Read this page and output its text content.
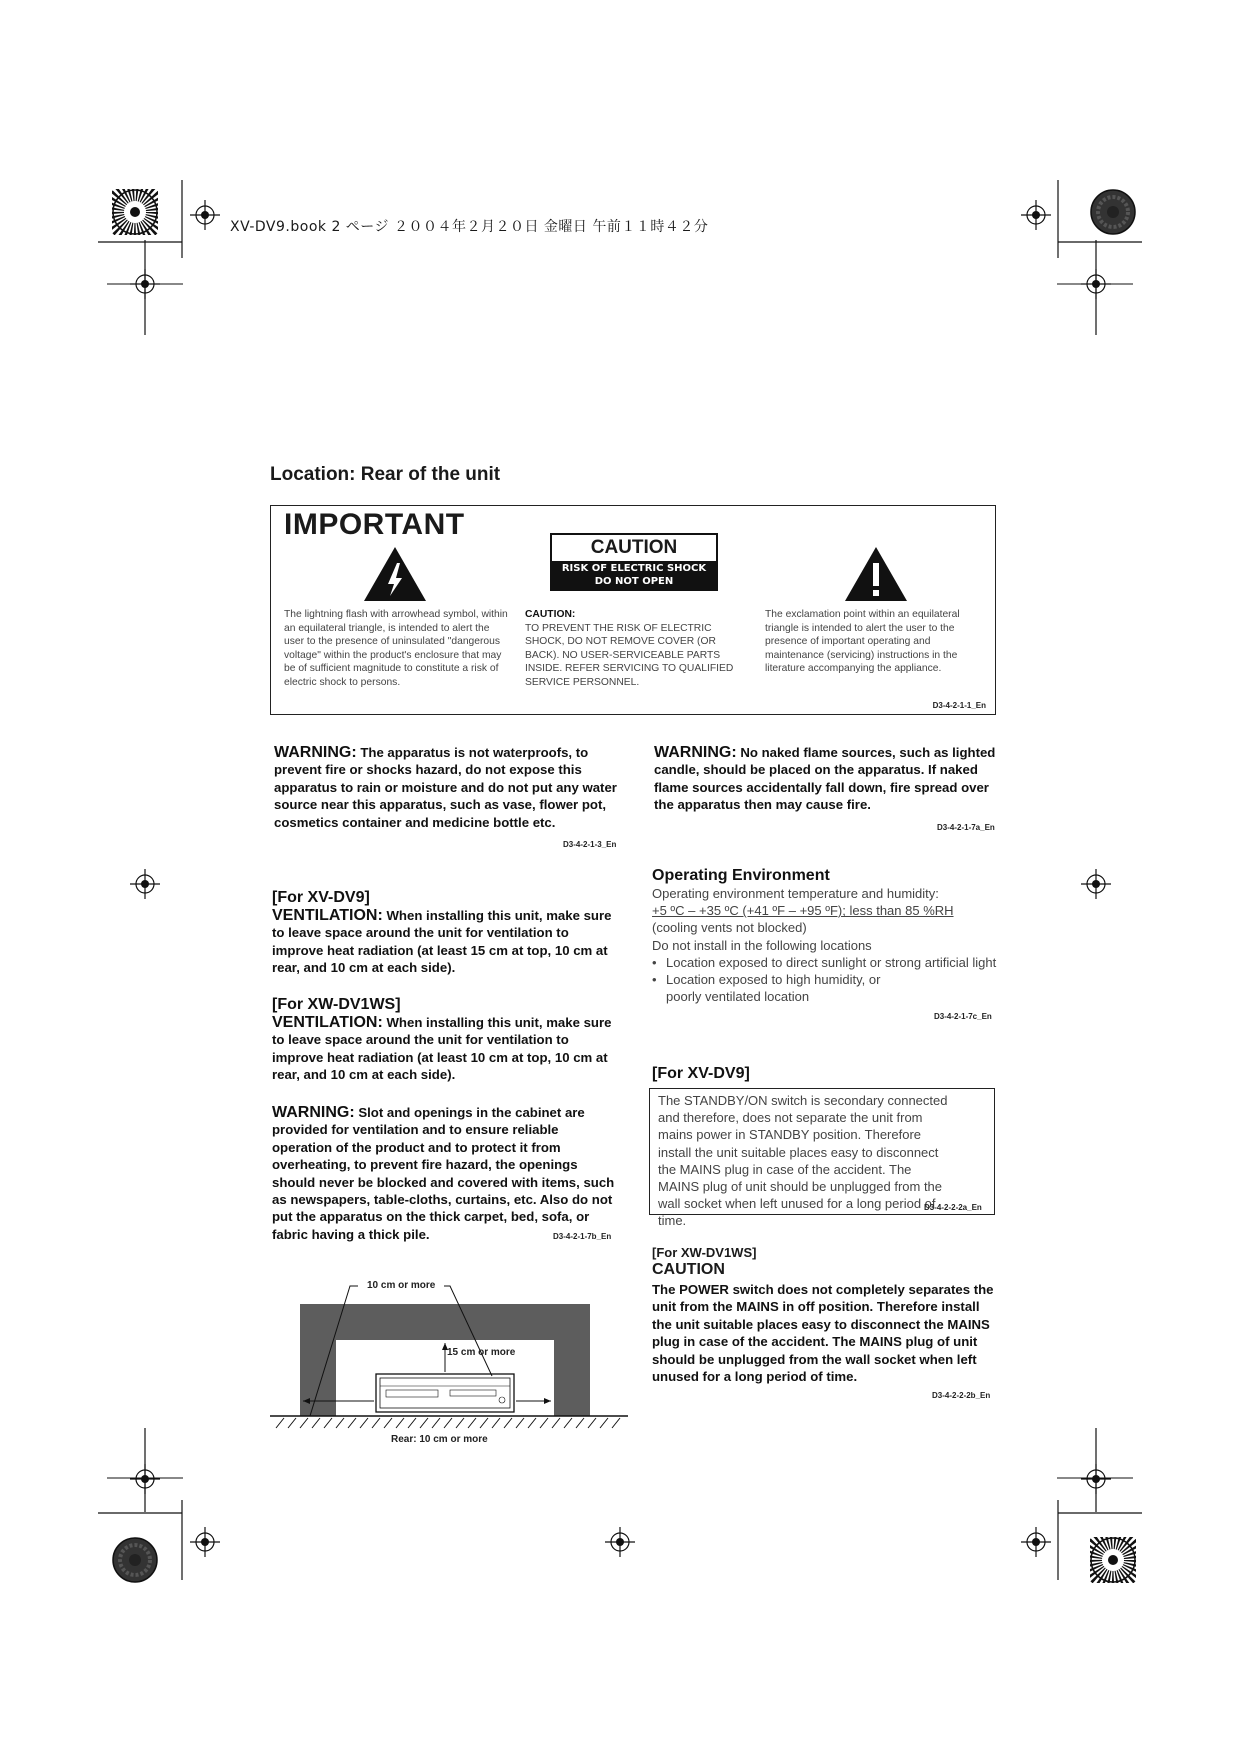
XV-DV9.book 2 ページ ２００４年２月２０日 金曜日 午前１１時４２分
Location: Rear of the unit
IMPORTANT
CAUTION
RISK OF ELECTRIC SHOCK
DO NOT OPEN
The lightning flash with arrowhead symbol, within an equilateral triangle, is intended to alert the user to the presence of uninsulated "dangerous voltage" within the product's enclosure that may be of sufficient magnitude to constitute a risk of electric shock to persons.
CAUTION:
TO PREVENT THE RISK OF ELECTRIC SHOCK, DO NOT REMOVE COVER (OR BACK). NO USER-SERVICEABLE PARTS INSIDE. REFER SERVICING TO QUALIFIED SERVICE PERSONNEL.
The exclamation point within an equilateral triangle is intended to alert the user to the presence of important operating and maintenance (servicing) instructions in the literature accompanying the appliance.
D3-4-2-1-1_En
WARNING: The apparatus is not waterproofs, to prevent fire or shocks hazard, do not expose this apparatus to rain or moisture and do not put any water source near this apparatus, such as vase, flower pot, cosmetics container and medicine bottle etc.
D3-4-2-1-3_En
WARNING: No naked flame sources, such as lighted candle, should be placed on the apparatus. If naked flame sources accidentally fall down, fire spread over the apparatus then may cause fire.
D3-4-2-1-7a_En
[For XV-DV9]
VENTILATION: When installing this unit, make sure to leave space around the unit for ventilation to improve heat radiation (at least 15 cm at top, 10 cm at rear, and 10 cm at each side).
[For XW-DV1WS]
VENTILATION: When installing this unit, make sure to leave space around the unit for ventilation to improve heat radiation (at least 10 cm at top, 10 cm at rear, and 10 cm at each side).
WARNING: Slot and openings in the cabinet are provided for ventilation and to ensure reliable operation of the product and to protect it from overheating, to prevent fire hazard, the openings should never be blocked and covered with items, such as newspapers, table-cloths, curtains, etc. Also do not put the apparatus on the thick carpet, bed, sofa, or fabric having a thick pile.	D3-4-2-1-7b_En
10 cm or more
15 cm or more
Rear: 10 cm or more
Operating Environment
Operating environment temperature and humidity:
+5 ºC – +35 ºC (+41 ºF – +95 ºF); less than 85 %RH
(cooling vents not blocked)
Do not install in the following locations
• Location exposed to direct sunlight or strong artificial light
• Location exposed to high humidity, or poorly ventilated location
D3-4-2-1-7c_En
[For XV-DV9]
The STANDBY/ON switch is secondary connected and therefore, does not separate the unit from mains power in STANDBY position. Therefore install the unit suitable places easy to disconnect the MAINS plug in case of the accident. The MAINS plug of unit should be unplugged from the wall socket when left unused for a long period of time.
D3-4-2-2-2a_En
[For XW-DV1WS]
CAUTION
The POWER switch does not completely separates the unit from the MAINS in off position. Therefore install the unit suitable places easy to disconnect the MAINS plug in case of the accident. The MAINS plug of unit should be unplugged from the wall socket when left unused for a long period of time.
D3-4-2-2-2b_En
